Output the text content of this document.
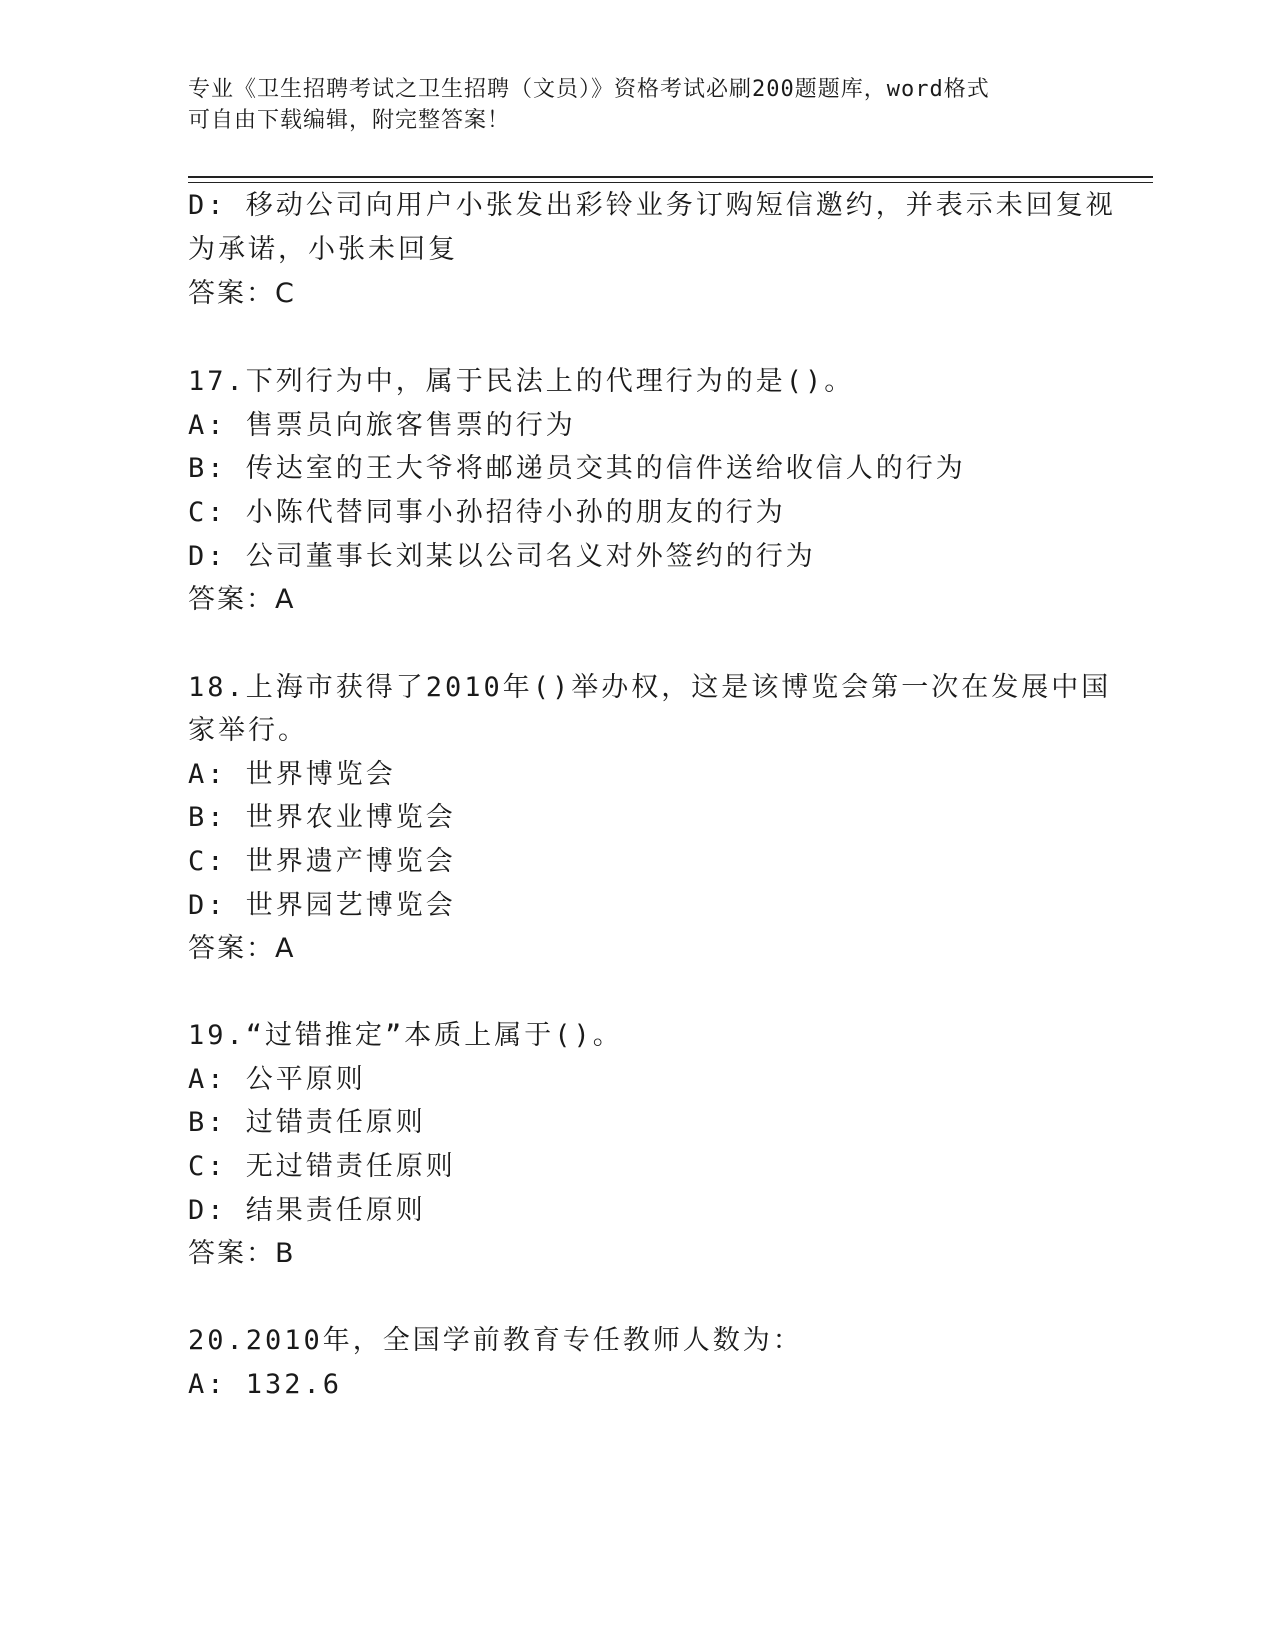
专业《卫生招聘考试之卫生招聘（文员）》资格考试必刷200题题库，word格式
可自由下载编辑，附完整答案！
D: 移动公司向用户小张发出彩铃业务订购短信邀约，并表示未回复视
为承诺，小张未回复
答案：C
17.下列行为中，属于民法上的代理行为的是()。
A: 售票员向旅客售票的行为
B: 传达室的王大爷将邮递员交其的信件送给收信人的行为
C: 小陈代替同事小孙招待小孙的朋友的行为
D: 公司董事长刘某以公司名义对外签约的行为
答案：A
18.上海市获得了2010年()举办权，这是该博览会第一次在发展中国
家举行。
A: 世界博览会
B: 世界农业博览会
C: 世界遗产博览会
D: 世界园艺博览会
答案：A
19.“过错推定”本质上属于()。
A: 公平原则
B: 过错责任原则
C: 无过错责任原则
D: 结果责任原则
答案：B
20.2010年，全国学前教育专任教师人数为：
A: 132.6
